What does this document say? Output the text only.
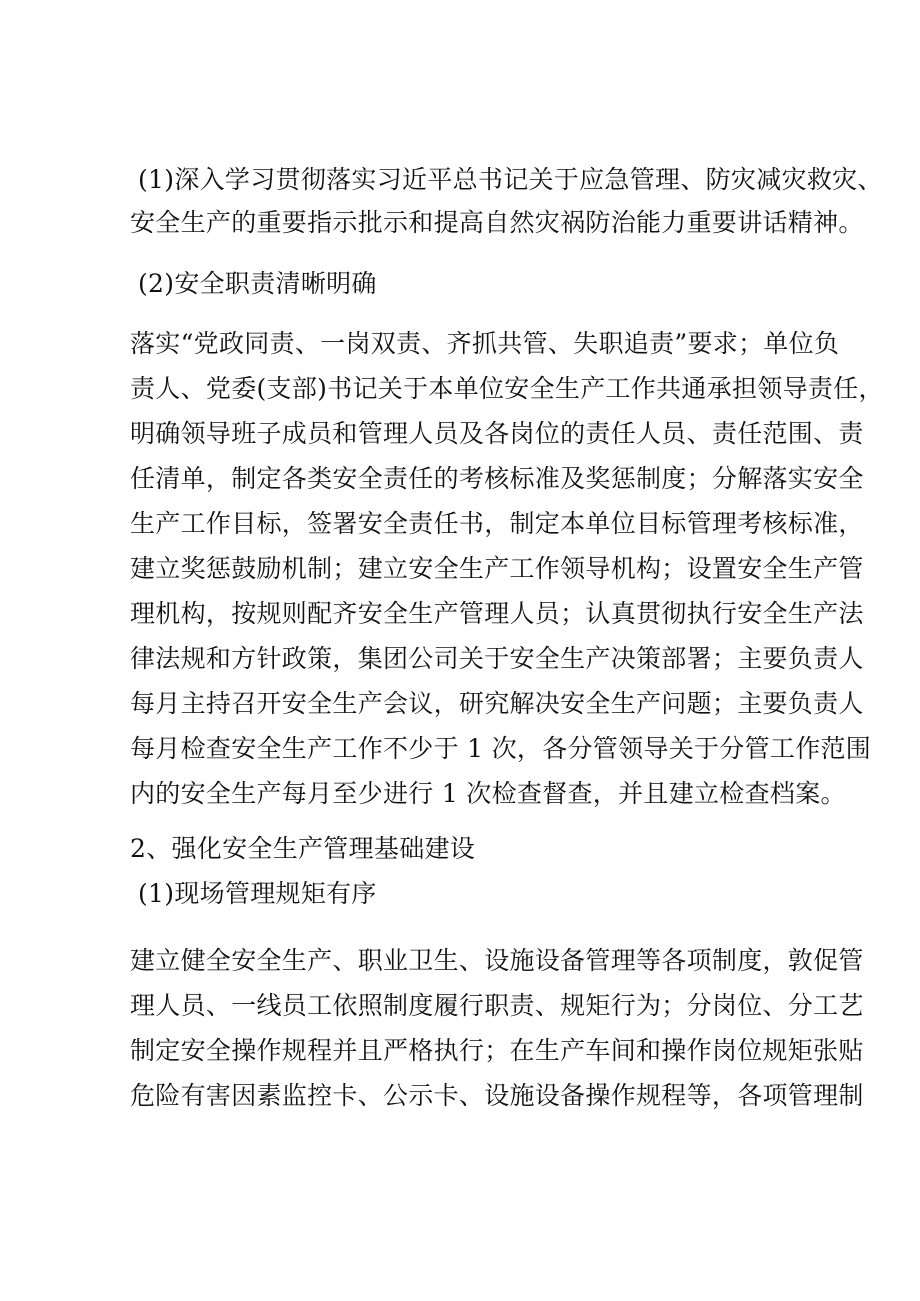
(1)深入学习贯彻落实习近平总书记关于应急管理、防灾减灾救灾、
安全生产的重要指示批示和提高自然灾祸防治能力重要讲话精神。
(2)安全职责清晰明确
落实“党政同责、一岗双责、齐抓共管、失职追责”要求；单位负
责人、党委(支部)书记关于本单位安全生产工作共通承担领导责任，
明确领导班子成员和管理人员及各岗位的责任人员、责任范围、责
任清单，制定各类安全责任的考核标准及奖惩制度；分解落实安全
生产工作目标，签署安全责任书，制定本单位目标管理考核标准，
建立奖惩鼓励机制；建立安全生产工作领导机构；设置安全生产管
理机构，按规则配齐安全生产管理人员；认真贯彻执行安全生产法
律法规和方针政策，集团公司关于安全生产决策部署；主要负责人
每月主持召开安全生产会议，研究解决安全生产问题；主要负责人
每月检查安全生产工作不少于 1 次，各分管领导关于分管工作范围
内的安全生产每月至少进行 1 次检查督查，并且建立检查档案。
2、强化安全生产管理基础建设
(1)现场管理规矩有序
建立健全安全生产、职业卫生、设施设备管理等各项制度，敦促管
理人员、一线员工依照制度履行职责、规矩行为；分岗位、分工艺
制定安全操作规程并且严格执行；在生产车间和操作岗位规矩张贴
危险有害因素监控卡、公示卡、设施设备操作规程等，各项管理制
